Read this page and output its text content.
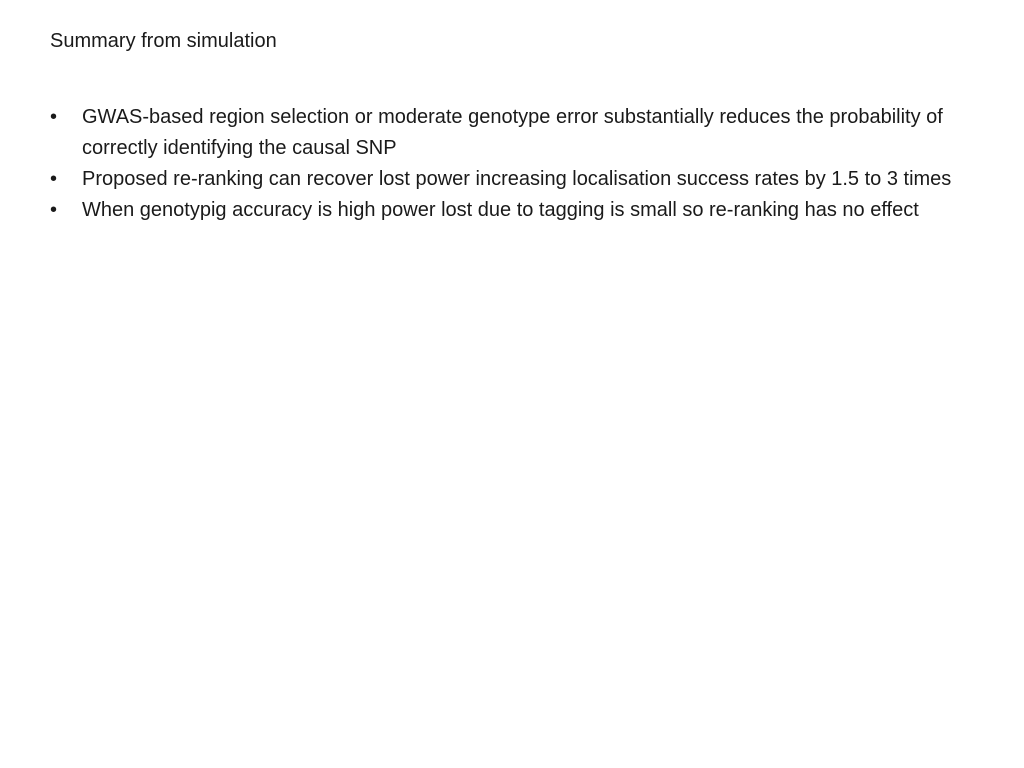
Summary from simulation
•	GWAS-based region selection or moderate genotype error substantially reduces the probability of correctly identifying the causal SNP
•	Proposed re-ranking can recover lost power increasing localisation success rates by 1.5 to 3 times
•	When genotypig accuracy is high power lost due to tagging is small so re-ranking has no effect
